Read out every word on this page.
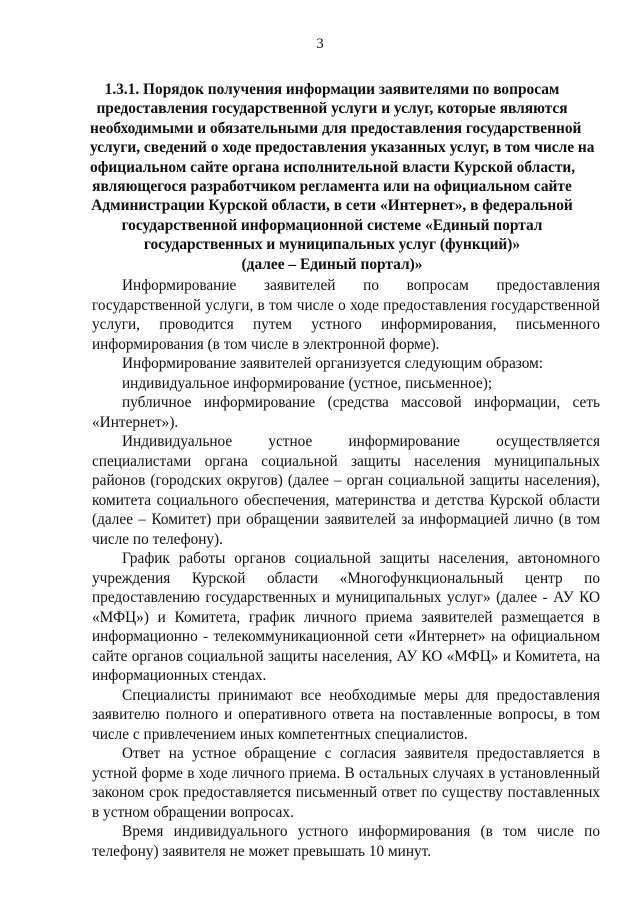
3
1.3.1. Порядок получения информации заявителями по вопросам
предоставления государственной услуги и услуг, которые являются
необходимыми и обязательными для предоставления государственной
услуги, сведений о ходе предоставления указанных услуг, в том числе на
официальном сайте органа исполнительной власти Курской области,
являющегося разработчиком регламента или на официальном сайте
Администрации Курской области, в сети «Интернет», в федеральной
государственной информационной системе «Единый портал
государственных и муниципальных услуг (функций)»
(далее – Единый портал)»

Информирование заявителей по вопросам предоставления государственной услуги, в том числе о ходе предоставления государственной услуги, проводится путем устного информирования, письменного информирования (в том числе в электронной форме).

Информирование заявителей организуется следующим образом:

индивидуальное информирование (устное, письменное);

публичное информирование (средства массовой информации, сеть «Интернет»).

Индивидуальное устное информирование осуществляется специалистами органа социальной защиты населения муниципальных районов (городских округов) (далее – орган социальной защиты населения), комитета социального обеспечения, материнства и детства Курской области (далее – Комитет) при обращении заявителей за информацией лично (в том числе по телефону).

График работы органов социальной защиты населения, автономного учреждения Курской области «Многофункциональный центр по предоставлению государственных и муниципальных услуг» (далее - АУ КО «МФЦ») и Комитета, график личного приема заявителей размещается в информационно - телекоммуникационной сети «Интернет» на официальном сайте органов социальной защиты населения, АУ КО «МФЦ» и Комитета, на информационных стендах.

Специалисты принимают все необходимые меры для предоставления заявителю полного и оперативного ответа на поставленные вопросы, в том числе с привлечением иных компетентных специалистов.

Ответ на устное обращение с согласия заявителя предоставляется в устной форме в ходе личного приема. В остальных случаях в установленный законом срок предоставляется письменный ответ по существу поставленных в устном обращении вопросах.

Время индивидуального устного информирования (в том числе по телефону) заявителя не может превышать 10 минут.
